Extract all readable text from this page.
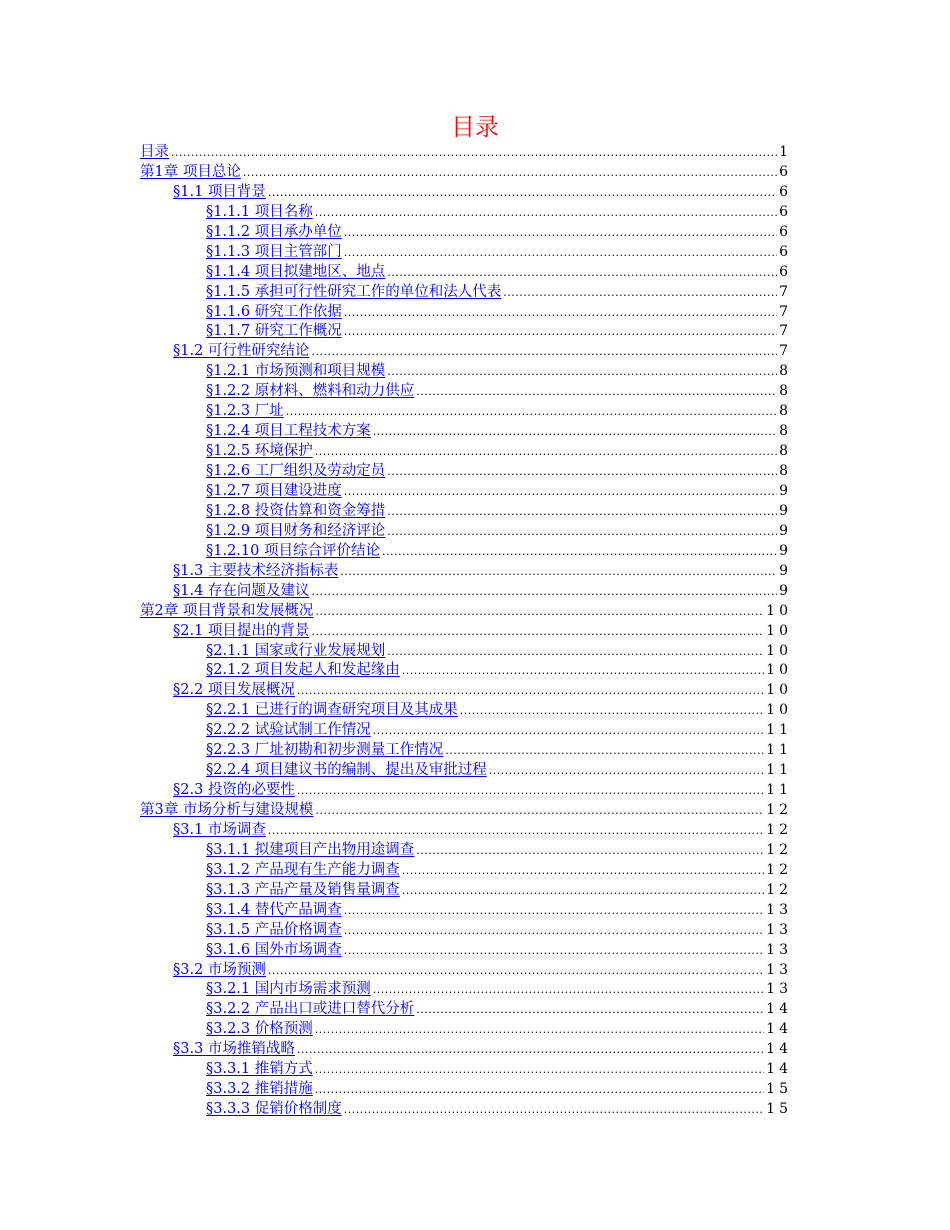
目录
目录 .....	1
第1章 项目总论 .....	6
§1.1 项目背景 .....	6
§1.1.1 项目名称 .....	6
§1.1.2 项目承办单位 .....	6
§1.1.3 项目主管部门 .....	6
§1.1.4 项目拟建地区、地点 .....	6
§1.1.5 承担可行性研究工作的单位和法人代表 .....	7
§1.1.6 研究工作依据 .....	7
§1.1.7 研究工作概况 .....	7
§1.2 可行性研究结论 .....	7
§1.2.1 市场预测和项目规模 .....	8
§1.2.2 原材料、燃料和动力供应 .....	8
§1.2.3 厂址 .....	8
§1.2.4 项目工程技术方案 .....	8
§1.2.5 环境保护 .....	8
§1.2.6 工厂组织及劳动定员 .....	8
§1.2.7 项目建设进度 .....	9
§1.2.8 投资估算和资金筹措 .....	9
§1.2.9 项目财务和经济评论 .....	9
§1.2.10 项目综合评价结论 .....	9
§1.3 主要技术经济指标表 .....	9
§1.4 存在问题及建议 .....	9
第2章 项目背景和发展概况 .....	10
§2.1 项目提出的背景 .....	10
§2.1.1 国家或行业发展规划 .....	10
§2.1.2 项目发起人和发起缘由 .....	10
§2.2 项目发展概况 .....	10
§2.2.1 已进行的调查研究项目及其成果 .....	10
§2.2.2 试验试制工作情况 .....	11
§2.2.3 厂址初勘和初步测量工作情况 .....	11
§2.2.4 项目建议书的编制、提出及审批过程 .....	11
§2.3 投资的必要性 .....	11
第3章 市场分析与建设规模 .....	12
§3.1 市场调查 .....	12
§3.1.1 拟建项目产出物用途调查 .....	12
§3.1.2 产品现有生产能力调查 .....	12
§3.1.3 产品产量及销售量调查 .....	12
§3.1.4 替代产品调查 .....	13
§3.1.5 产品价格调查 .....	13
§3.1.6 国外市场调查 .....	13
§3.2 市场预测 .....	13
§3.2.1 国内市场需求预测 .....	13
§3.2.2 产品出口或进口替代分析 .....	14
§3.2.3 价格预测 .....	14
§3.3 市场推销战略 .....	14
§3.3.1 推销方式 .....	14
§3.3.2 推销措施 .....	15
§3.3.3 促销价格制度 .....	15
